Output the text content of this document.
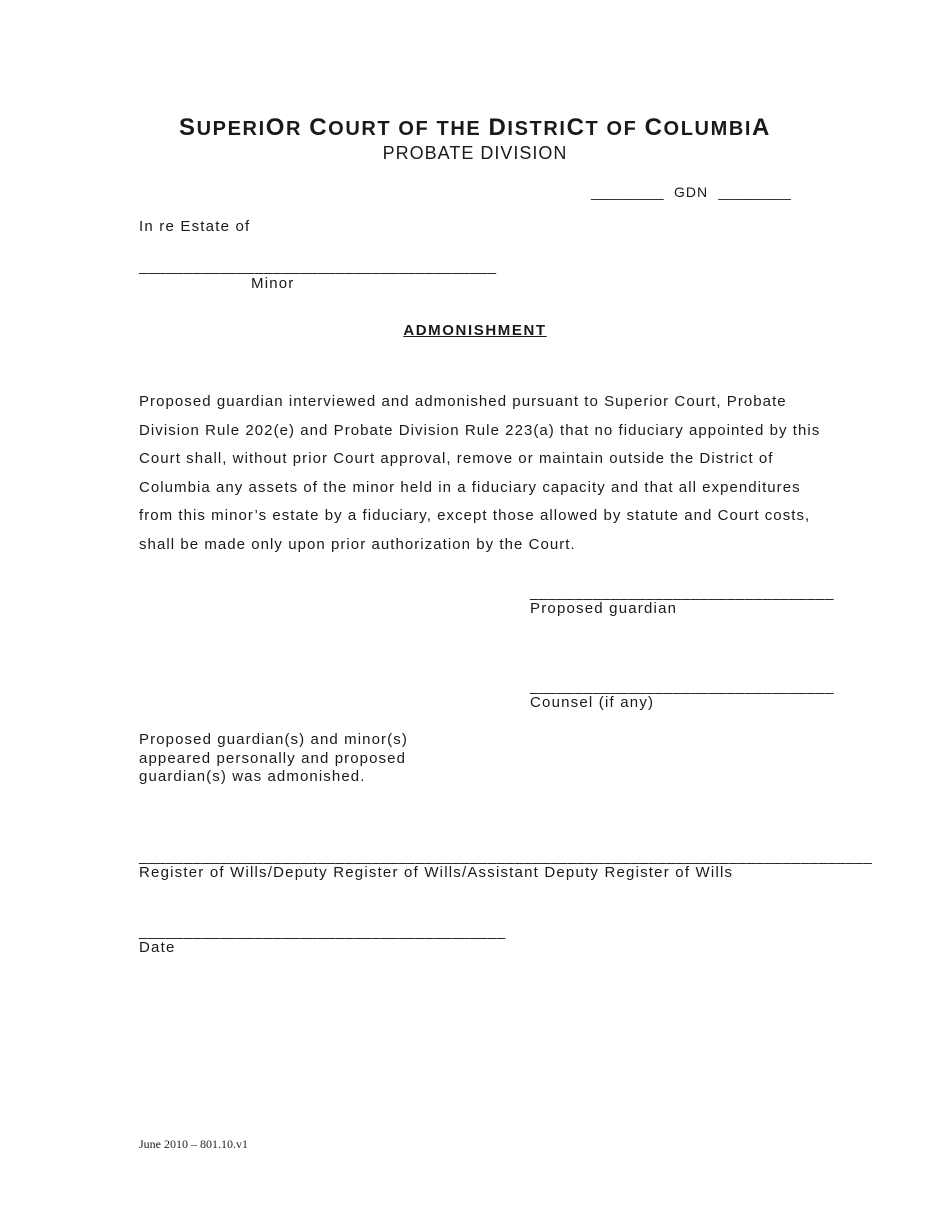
SUPERIOR COURT OF THE DISTRICT OF COLUMBIA
PROBATE DIVISION
_________ GDN _________
In re Estate of
________________________________________
Minor
ADMONISHMENT

Proposed guardian interviewed and admonished pursuant to Superior Court, Probate Division Rule 202(e) and Probate Division Rule 223(a) that no fiduciary appointed by this Court shall, without prior Court approval, remove or maintain outside the District of Columbia any assets of the minor held in a fiduciary capacity and that all expenditures from this minor’s estate by a fiduciary, except those allowed by statute and Court costs, shall be made only upon prior authorization by the Court.

__________________________________
Proposed guardian
__________________________________
Counsel (if any)

Proposed guardian(s) and minor(s) appeared personally and proposed guardian(s) was admonished.

__________________________________________________________________________________
Register of Wills/Deputy Register of Wills/Assistant Deputy Register of Wills
_________________________________________
Date
June 2010 – 801.10.v1
